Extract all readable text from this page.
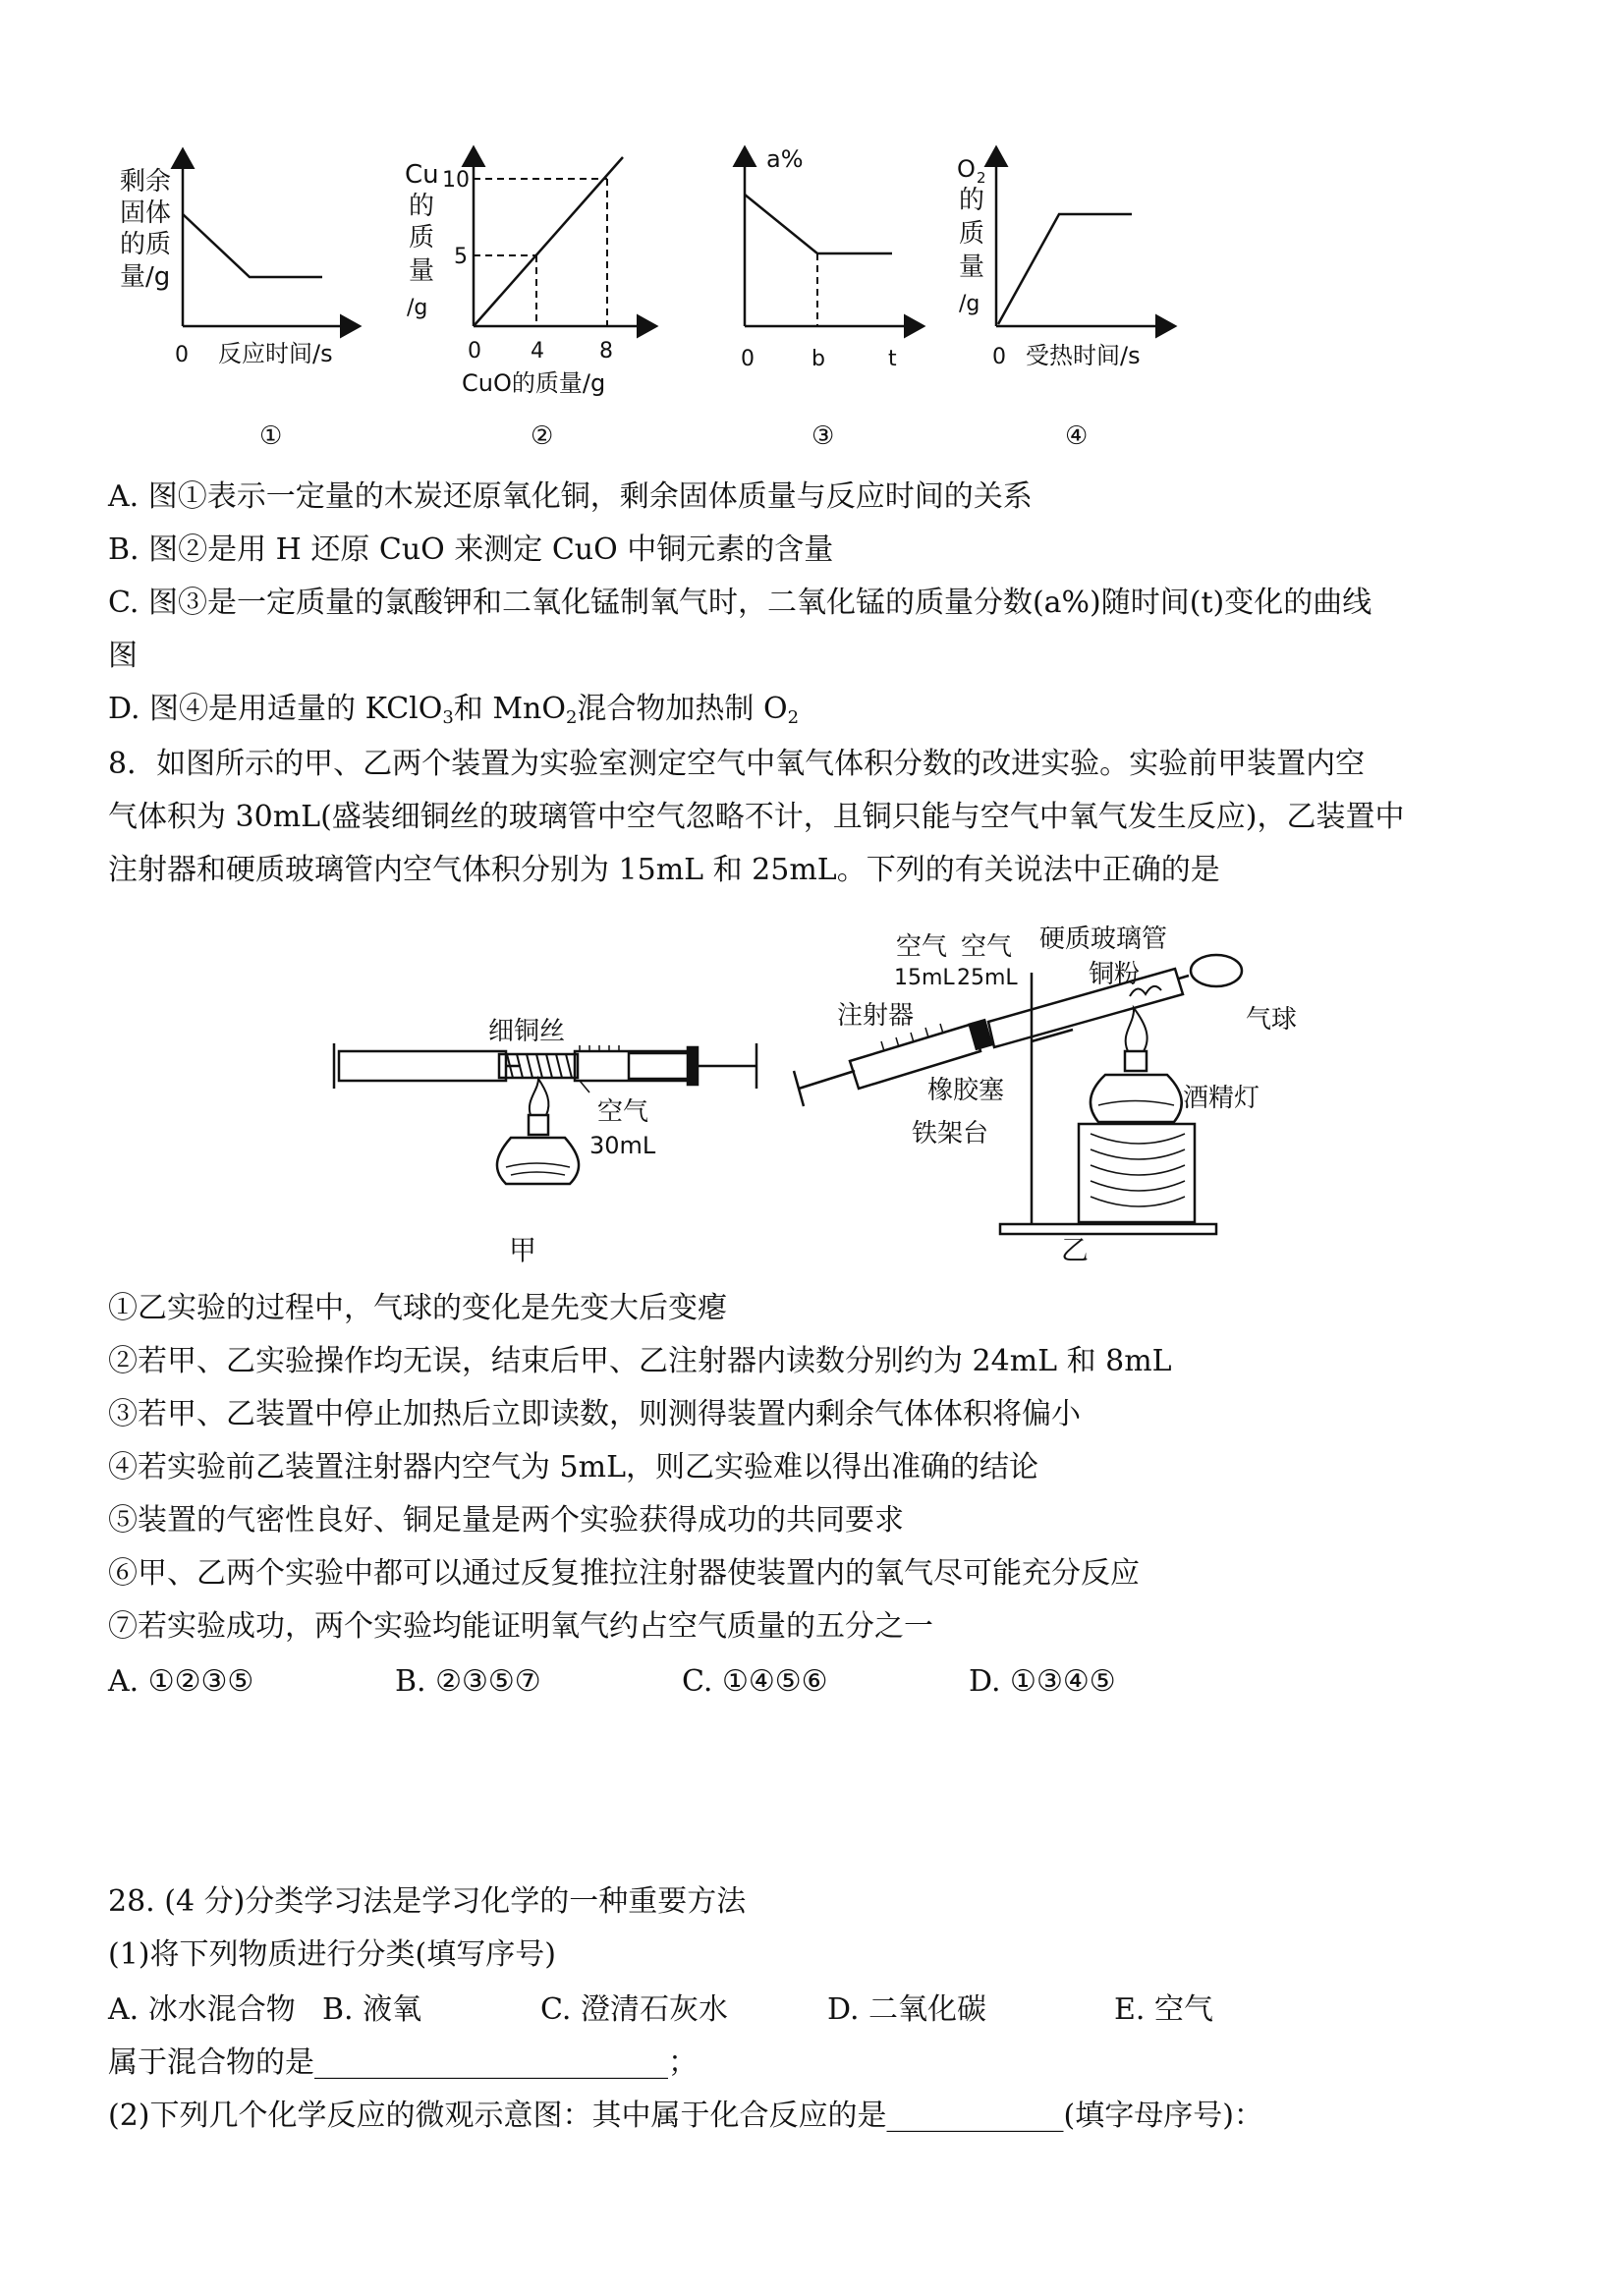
剩余
固体
的质
量/g
0 反应时间/s
①
Cu
的
质
量
/g
10
5
0 4	8
CuO的质量/g
②
a%
0	b	t
③
O 2
的
质
量
/g
0 受热时间/s
④
A. 图①表示一定量的木炭还原氧化铜，剩余固体质量与反应时间的关系
B. 图②是用 H 还原 CuO 来测定 CuO 中铜元素的含量
C. 图③是一定质量的氯酸钾和二氧化锰制氧气时，二氧化锰的质量分数(a%)随时间(t)变化的曲线
图
D. 图④是用适量的 KClO$_3$和 MnO$_2$混合物加热制 $O_2$
8．如图所示的甲、乙两个装置为实验室测定空气中氧气体积分数的改进实验。实验前甲装置内空
气体积为 30mL(盛装细铜丝的玻璃管中空气忽略不计，且铜只能与空气中氧气发生反应)，乙装置中
注射器和硬质玻璃管内空气体积分别为 15mL 和 25mL。下列的有关说法中正确的是
细铜丝
空气
30mL
甲
空气
15mL
空气
25mL
硬质玻璃管
铜粉
气球
注射器
橡胶塞
铁架台
酒精灯
乙
①乙实验的过程中，气球的变化是先变大后变瘪
②若甲、乙实验操作均无误，结束后甲、乙注射器内读数分别约为 24mL 和 8mL
③若甲、乙装置中停止加热后立即读数，则测得装置内剩余气体体积将偏小
④若实验前乙装置注射器内空气为 5mL，则乙实验难以得出准确的结论
⑤装置的气密性良好、铜足量是两个实验获得成功的共同要求
⑥甲、乙两个实验中都可以通过反复推拉注射器使装置内的氧气尽可能充分反应
⑦若实验成功，两个实验均能证明氧气约占空气质量的五分之一
A. ①②③⑤	B. ②③⑤⑦	C. ①④⑤⑥	D. ①③④⑤
28. (4 分)分类学习法是学习化学的一种重要方法
(1)将下列物质进行分类(填写序号)
A. 冰水混合物 B. 液氧	C. 澄清石灰水	D. 二氧化碳	E. 空气
属于混合物的是________________________；
(2)下列几个化学反应的微观示意图：其中属于化合反应的是____________(填字母序号)：
